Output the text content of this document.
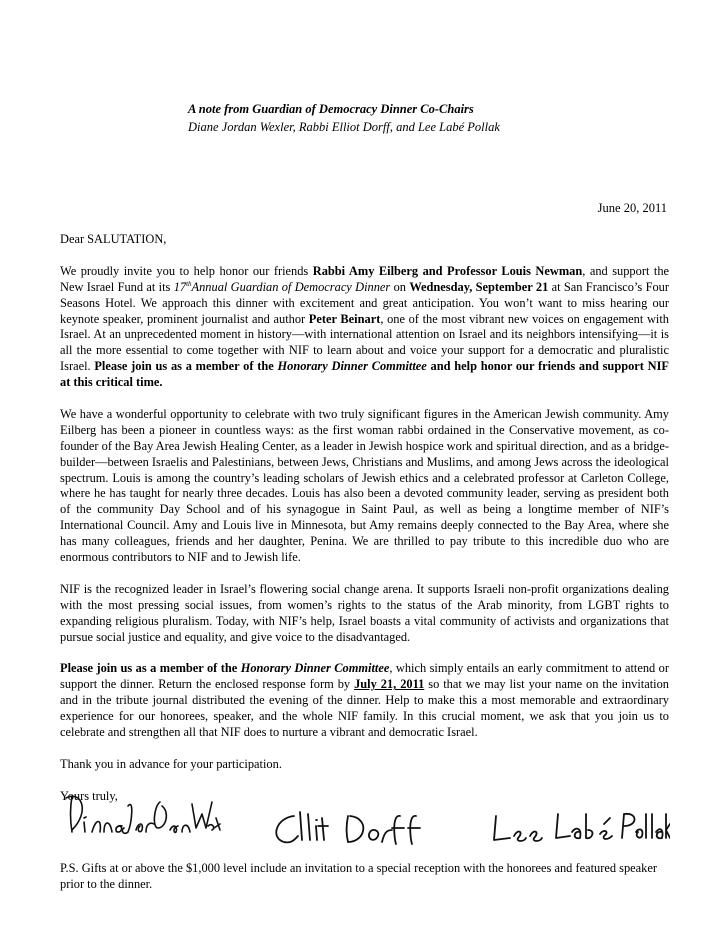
A note from Guardian of Democracy Dinner Co-Chairs
Diane Jordan Wexler, Rabbi Elliot Dorff, and Lee Labé Pollak
June 20, 2011

Dear SALUTATION,

We proudly invite you to help honor our friends Rabbi Amy Eilberg and Professor Louis Newman, and support the New Israel Fund at its 17thAnnual Guardian of Democracy Dinner on Wednesday, September 21 at San Francisco’s Four Seasons Hotel. We approach this dinner with excitement and great anticipation. You won’t want to miss hearing our keynote speaker, prominent journalist and author Peter Beinart, one of the most vibrant new voices on engagement with Israel. At an unprecedented moment in history—with international attention on Israel and its neighbors intensifying—it is all the more essential to come together with NIF to learn about and voice your support for a democratic and pluralistic Israel. Please join us as a member of the Honorary Dinner Committee and help honor our friends and support NIF at this critical time.

We have a wonderful opportunity to celebrate with two truly significant figures in the American Jewish community. Amy Eilberg has been a pioneer in countless ways: as the first woman rabbi ordained in the Conservative movement, as co-founder of the Bay Area Jewish Healing Center, as a leader in Jewish hospice work and spiritual direction, and as a bridge-builder—between Israelis and Palestinians, between Jews, Christians and Muslims, and among Jews across the ideological spectrum. Louis is among the country’s leading scholars of Jewish ethics and a celebrated professor at Carleton College, where he has taught for nearly three decades. Louis has also been a devoted community leader, serving as president both of the community Day School and of his synagogue in Saint Paul, as well as being a longtime member of NIF’s International Council. Amy and Louis live in Minnesota, but Amy remains deeply connected to the Bay Area, where she has many colleagues, friends and her daughter, Penina. We are thrilled to pay tribute to this incredible duo who are enormous contributors to NIF and to Jewish life.

NIF is the recognized leader in Israel’s flowering social change arena. It supports Israeli non-profit organizations dealing with the most pressing social issues, from women’s rights to the status of the Arab minority, from LGBT rights to expanding religious pluralism. Today, with NIF’s help, Israel boasts a vital community of activists and organizations that pursue social justice and equality, and give voice to the disadvantaged.

Please join us as a member of the Honorary Dinner Committee, which simply entails an early commitment to attend or support the dinner. Return the enclosed response form by July 21, 2011 so that we may list your name on the invitation and in the tribute journal distributed the evening of the dinner. Help to make this a most memorable and extraordinary experience for our honorees, speaker, and the whole NIF family. In this crucial moment, we ask that you join us to celebrate and strengthen all that NIF does to nurture a vibrant and democratic Israel.

Thank you in advance for your participation.

Yours truly,

P.S. Gifts at or above the $1,000 level include an invitation to a special reception with the honorees and featured speaker prior to the dinner.
